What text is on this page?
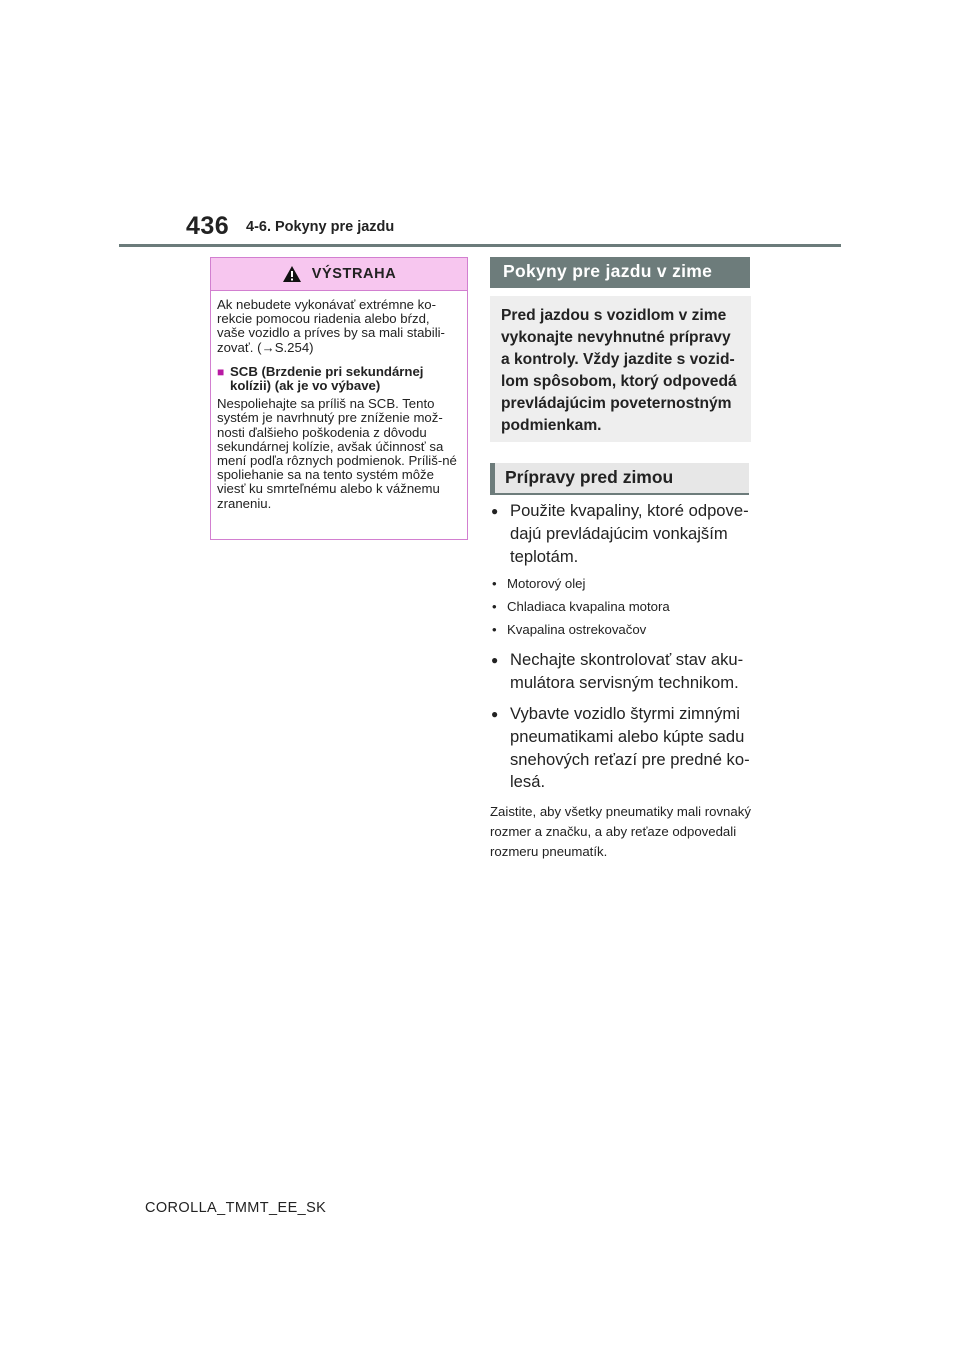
436 4-6. Pokyny pre jazdu
VÝSTRAHA

Ak nebudete vykonávať extrémne ko-rekcie pomocou riadenia alebo bŕzd, vaše vozidlo a príves by sa mali stabili-zovať. (→S.254)

■ SCB (Brzdenie pri sekundárnej kolízii) (ak je vo výbave)

Nespoliehajte sa príliš na SCB. Tento systém je navrhnutý pre zníženie mož-nosti ďalšieho poškodenia z dôvodu sekundárnej kolízie, avšak účinnosť sa mení podľa rôznych podmienok. Príliš-né spoliehanie sa na tento systém môže viesť ku smrteľnému alebo k vážnemu zraneniu.

Pokyny pre jazdu v zime
Pred jazdou s vozidlom v zime vykonajte nevyhnutné prípravy a kontroly. Vždy jazdite s vozid-lom spôsobom, ktorý odpovedá prevládajúcim poveternostným podmienkam.
Prípravy pred zimou
● Použite kvapaliny, ktoré odpove-dajú prevládajúcim vonkajším teplotám.
• Motorový olej
• Chladiaca kvapalina motora
• Kvapalina ostrekovačov
● Nechajte skontrolovať stav aku-mulátora servisným technikom.
● Vybavte vozidlo štyrmi zimnými pneumatikami alebo kúpte sadu snehových reťazí pre predné ko-lesá.
Zaistite, aby všetky pneumatiky mali rovnaký rozmer a značku, a aby reťaze odpovedali rozmeru pneumatík.
COROLLA_TMMT_EE_SK
